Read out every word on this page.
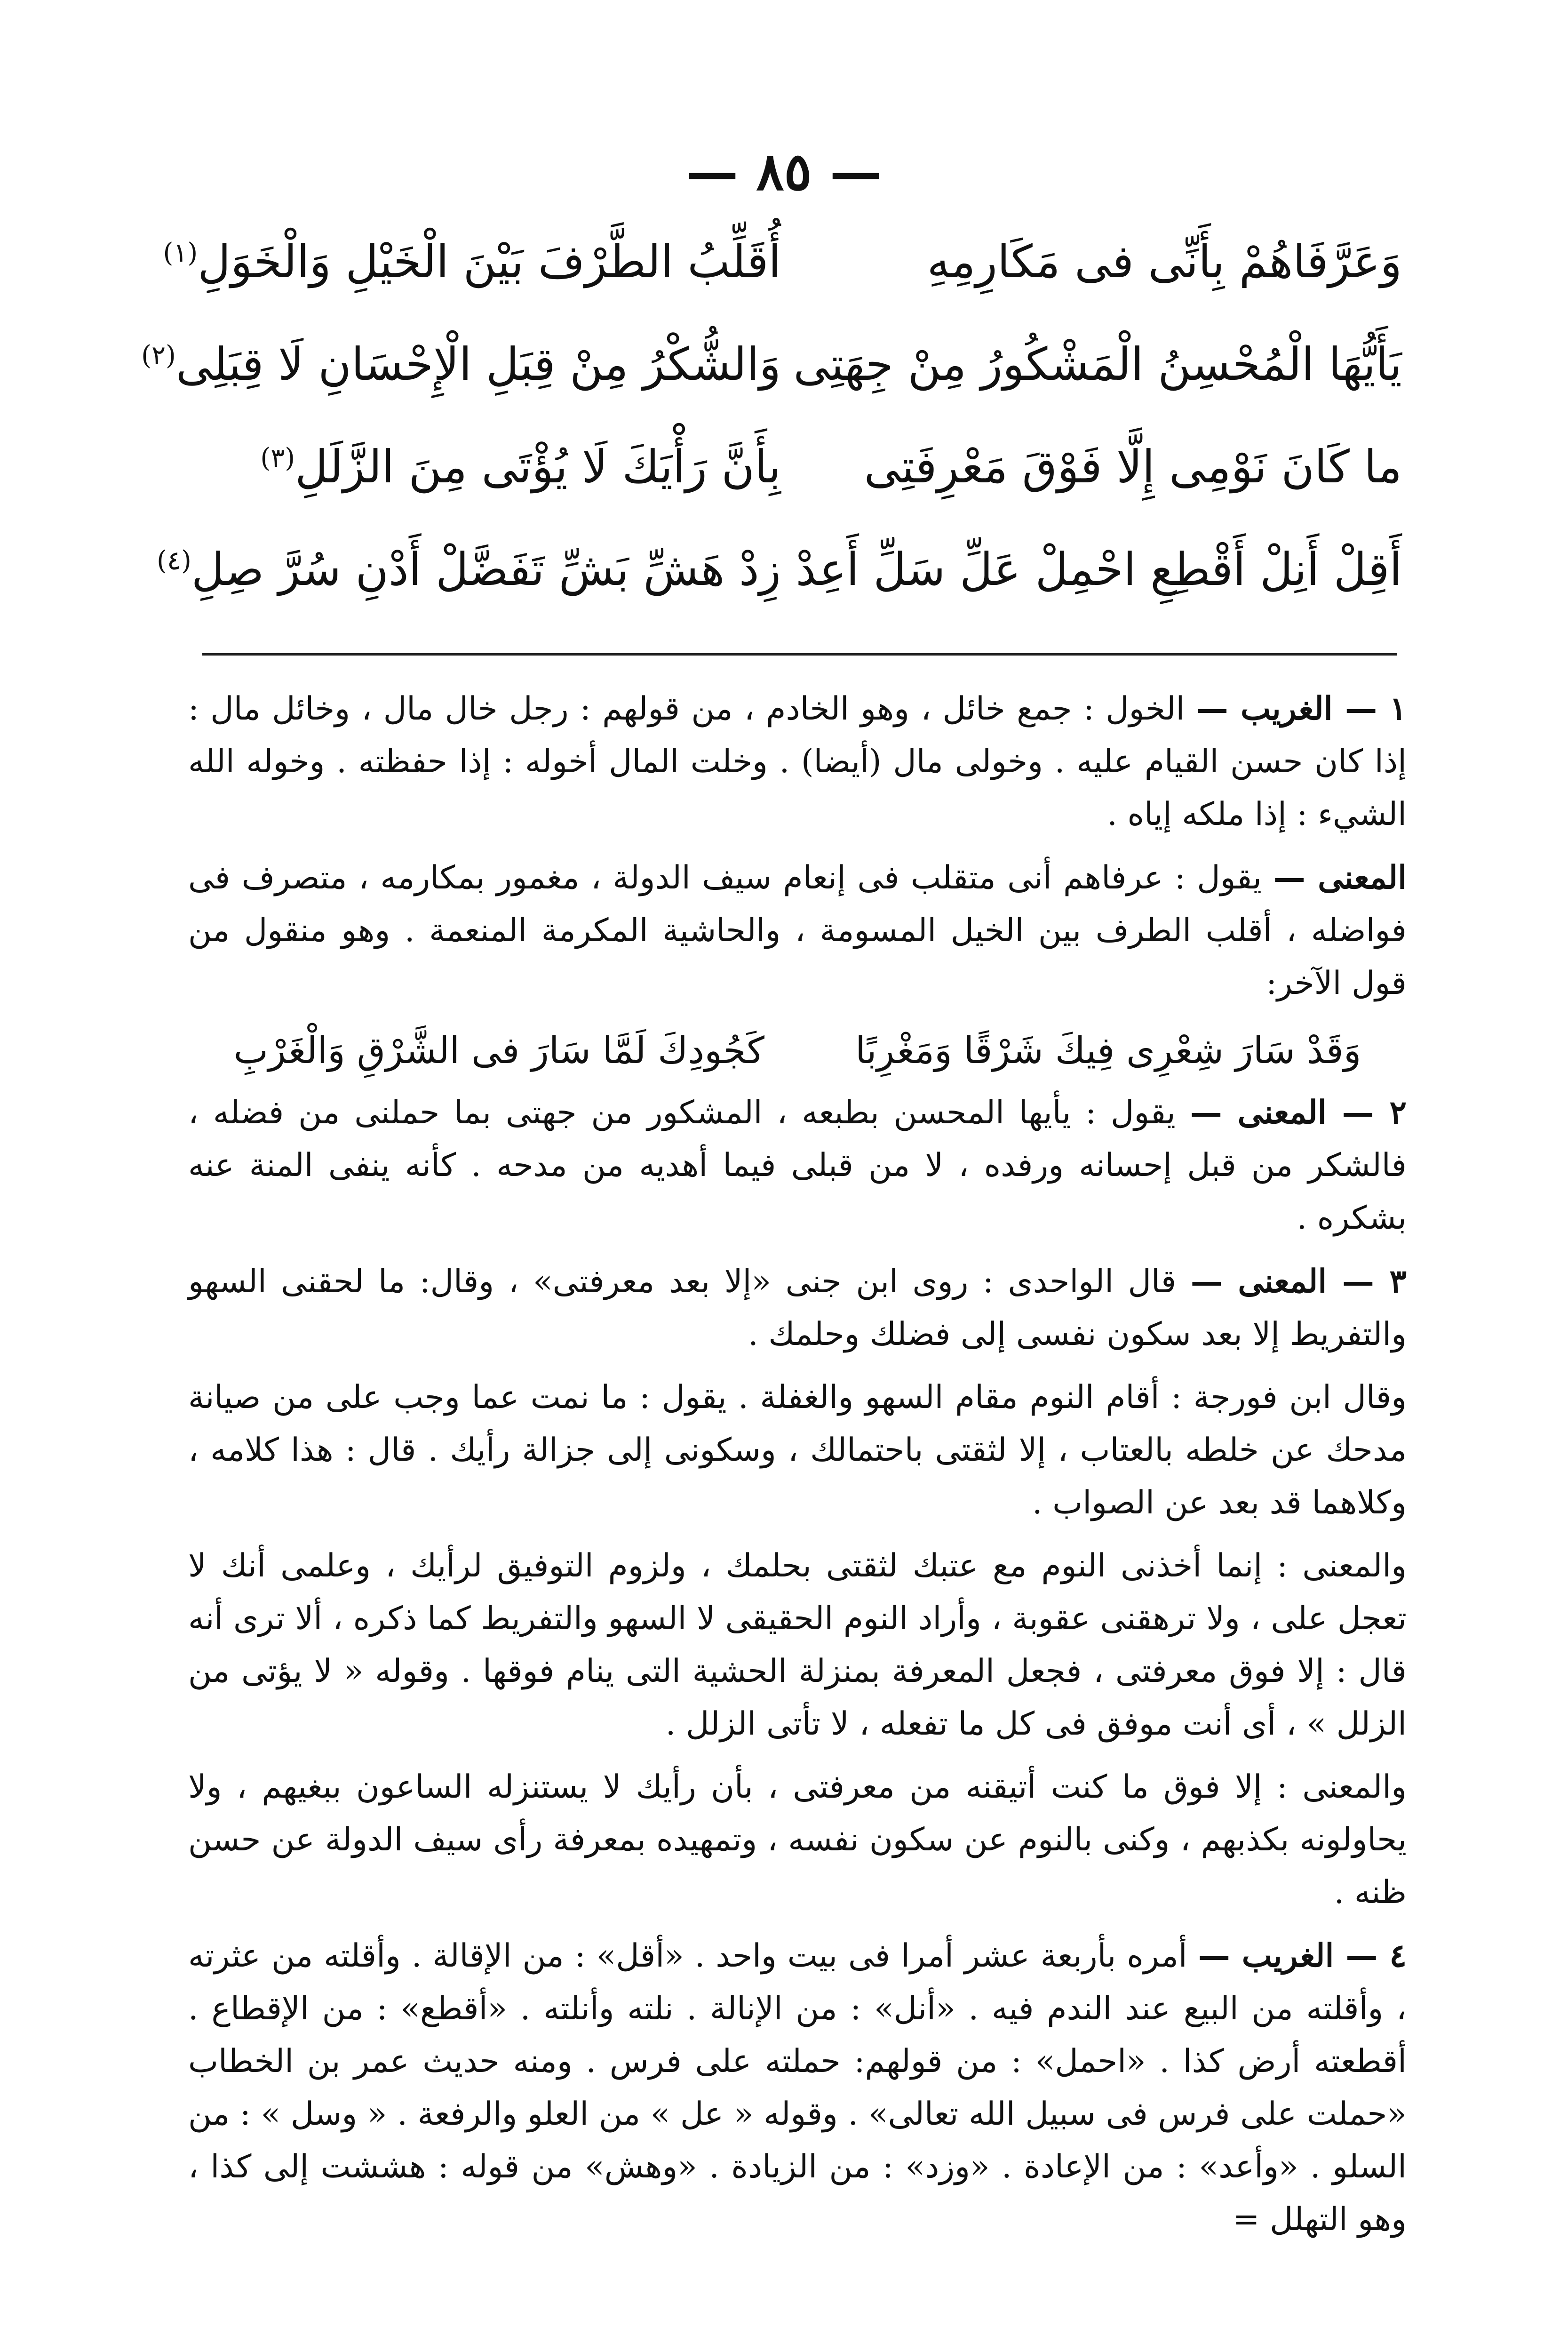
— ٨٥ —
وَعَرَّفَاهُمْ بِأَنِّى فى مَكَارِمِهِ
أُقَلِّبُ الطَّرْفَ بَيْنَ الْخَيْلِ وَالْخَوَلِ$^{(١)}$
يَأَيُّهَا الْمُحْسِنُ الْمَشْكُورُ مِنْ جِهَتِى
وَالشُّكْرُ مِنْ قِبَلِ الْإِحْسَانِ لَا قِبَلِى$^{(٢)}$
ما كَانَ نَوْمِى إِلَّا فَوْقَ مَعْرِفَتِى
بِأَنَّ رَأْيَكَ لَا يُؤْتَى مِنَ الزَّلَلِ$^{(٣)}$
أَقِلْ أَنِلْ أَقْطِعِ احْمِلْ عَلِّ سَلِّ أَعِدْ
زِدْ هَشِّ بَشِّ تَفَضَّلْ أَدْنِ سُرَّ صِلِ$^{(٤)}$

١ — الغريب — الخول : جمع خائل ، وهو الخادم ، من قولهم : رجل خال مال ، وخائل مال : إذا كان حسن القيام عليه . وخولى مال (أيضا) . وخلت المال أخوله : إذا حفظته . وخوله الله الشيء : إذا ملكه إياه .

المعنى — يقول : عرفاهم أنى متقلب فى إنعام سيف الدولة ، مغمور بمكارمه ، متصرف فى فواضله ، أقلب الطرف بين الخيل المسومة ، والحاشية المكرمة المنعمة . وهو منقول من قول الآخر:

وَقَدْ سَارَ شِعْرِى فِيكَ شَرْقًا وَمَغْرِبًا
كَجُودِكَ لَمَّا سَارَ فى الشَّرْقِ وَالْغَرْبِ

٢ — المعنى — يقول : يأيها المحسن بطبعه ، المشكور من جهتى بما حملنى من فضله ، فالشكر من قبل إحسانه ورفده ، لا من قبلى فيما أهديه من مدحه . كأنه ينفى المنة عنه بشكره .

٣ — المعنى — قال الواحدى : روى ابن جنى «إلا بعد معرفتى» ، وقال: ما لحقنى السهو والتفريط إلا بعد سكون نفسى إلى فضلك وحلمك .

وقال ابن فورجة : أقام النوم مقام السهو والغفلة . يقول : ما نمت عما وجب على من صيانة مدحك عن خلطه بالعتاب ، إلا لثقتى باحتمالك ، وسكونى إلى جزالة رأيك . قال : هذا كلامه ، وكلاهما قد بعد عن الصواب .

والمعنى : إنما أخذنى النوم مع عتبك لثقتى بحلمك ، ولزوم التوفيق لرأيك ، وعلمى أنك لا تعجل على ، ولا ترهقنى عقوبة ، وأراد النوم الحقيقى لا السهو والتفريط كما ذكره ، ألا ترى أنه قال : إلا فوق معرفتى ، فجعل المعرفة بمنزلة الحشية التى ينام فوقها . وقوله « لا يؤتى من الزلل » ، أى أنت موفق فى كل ما تفعله ، لا تأتى الزلل .

والمعنى : إلا فوق ما كنت أتيقنه من معرفتى ، بأن رأيك لا يستنزله الساعون ببغيهم ، ولا يحاولونه بكذبهم ، وكنى بالنوم عن سكون نفسه ، وتمهيده بمعرفة رأى سيف الدولة عن حسن ظنه .

٤ — الغريب — أمره بأربعة عشر أمرا فى بيت واحد . «أقل» : من الإقالة . وأقلته من عثرته ، وأقلته من البيع عند الندم فيه . «أنل» : من الإنالة . نلته وأنلته . «أقطع» : من الإقطاع . أقطعته أرض كذا . «احمل» : من قولهم: حملته على فرس . ومنه حديث عمر بن الخطاب «حملت على فرس فى سبيل الله تعالى» . وقوله « عل » من العلو والرفعة . « وسل » : من السلو . «وأعد» : من الإعادة . «وزد» : من الزيادة . «وهش» من قوله : هششت إلى كذا ، وهو التهلل =
